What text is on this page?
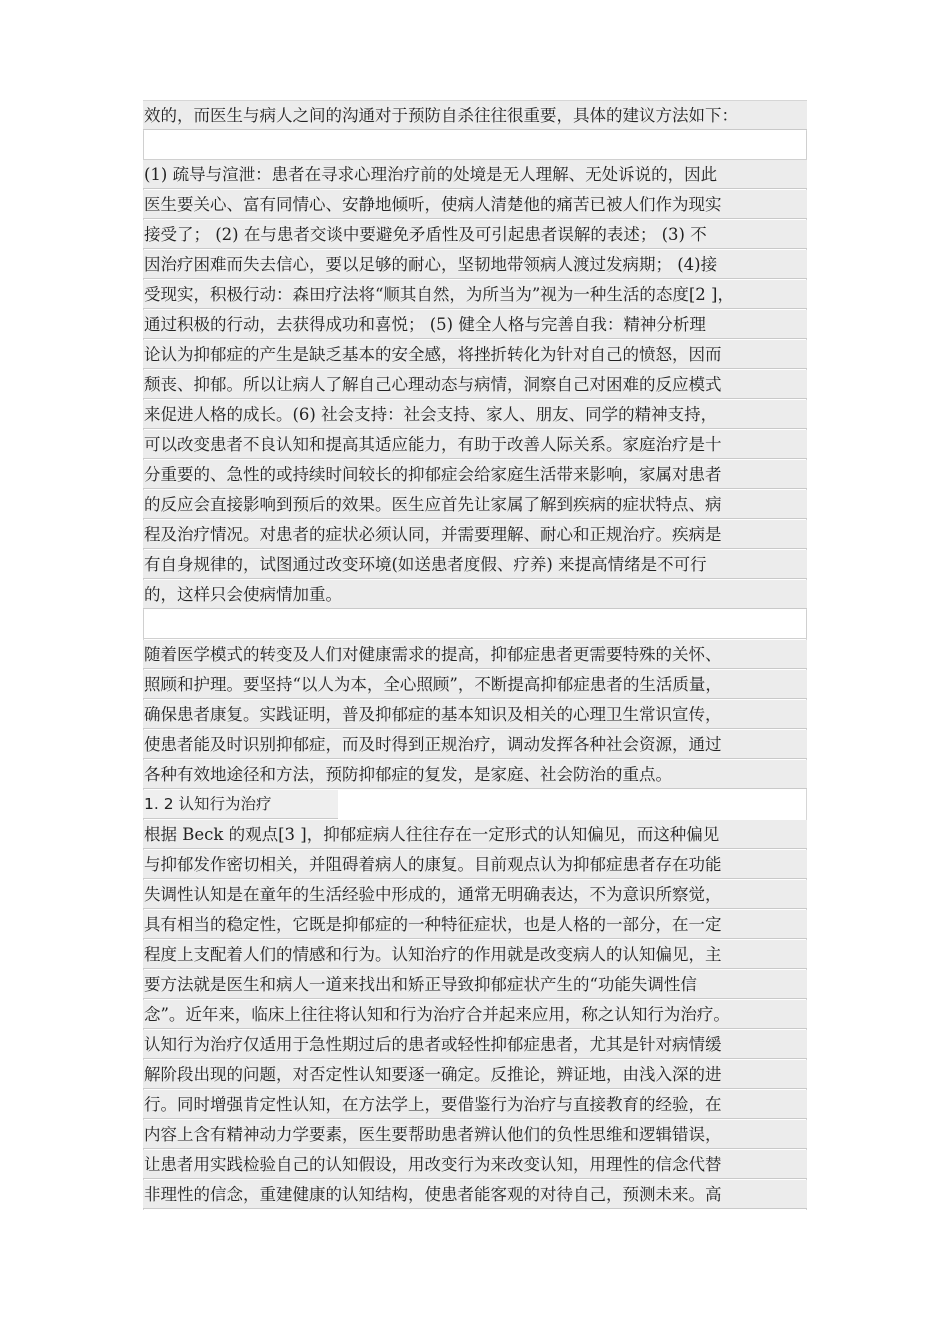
效的，而医生与病人之间的沟通对于预防自杀往往很重要，具体的建议方法如下：
(1) 疏导与渲泄：患者在寻求心理治疗前的处境是无人理解、无处诉说的，因此
医生要关心、富有同情心、安静地倾听，使病人清楚他的痛苦已被人们作为现实
接受了； (2) 在与患者交谈中要避免矛盾性及可引起患者误解的表述； (3) 不
因治疗困难而失去信心，要以足够的耐心，坚韧地带领病人渡过发病期； (4)接
受现实，积极行动：森田疗法将“顺其自然，为所当为”视为一种生活的态度[2 ]，
通过积极的行动，去获得成功和喜悦； (5) 健全人格与完善自我：精神分析理
论认为抑郁症的产生是缺乏基本的安全感，将挫折转化为针对自己的愤怒，因而
颓丧、抑郁。所以让病人了解自己心理动态与病情，洞察自己对困难的反应模式
来促进人格的成长。(6) 社会支持：社会支持、家人、朋友、同学的精神支持，
可以改变患者不良认知和提高其适应能力，有助于改善人际关系。家庭治疗是十
分重要的、急性的或持续时间较长的抑郁症会给家庭生活带来影响，家属对患者
的反应会直接影响到预后的效果。医生应首先让家属了解到疾病的症状特点、病
程及治疗情况。对患者的症状必须认同，并需要理解、耐心和正规治疗。疾病是
有自身规律的，试图通过改变环境(如送患者度假、疗养) 来提高情绪是不可行
的，这样只会使病情加重。
随着医学模式的转变及人们对健康需求的提高，抑郁症患者更需要特殊的关怀、
照顾和护理。要坚持“以人为本，全心照顾”，不断提高抑郁症患者的生活质量，
确保患者康复。实践证明，普及抑郁症的基本知识及相关的心理卫生常识宣传，
使患者能及时识别抑郁症，而及时得到正规治疗，调动发挥各种社会资源，通过
各种有效地途径和方法，预防抑郁症的复发，是家庭、社会防治的重点。
1. 2 认知行为治疗
根据 Beck 的观点[3 ]，抑郁症病人往往存在一定形式的认知偏见，而这种偏见
与抑郁发作密切相关，并阻碍着病人的康复。目前观点认为抑郁症患者存在功能
失调性认知是在童年的生活经验中形成的，通常无明确表达，不为意识所察觉，
具有相当的稳定性，它既是抑郁症的一种特征症状，也是人格的一部分，在一定
程度上支配着人们的情感和行为。认知治疗的作用就是改变病人的认知偏见，主
要方法就是医生和病人一道来找出和矫正导致抑郁症状产生的“功能失调性信
念”。近年来，临床上往往将认知和行为治疗合并起来应用，称之认知行为治疗。
认知行为治疗仅适用于急性期过后的患者或轻性抑郁症患者，尤其是针对病情缓
解阶段出现的问题，对否定性认知要逐一确定。反推论，辨证地，由浅入深的进
行。同时增强肯定性认知，在方法学上，要借鉴行为治疗与直接教育的经验，在
内容上含有精神动力学要素，医生要帮助患者辨认他们的负性思维和逻辑错误，
让患者用实践检验自己的认知假设，用改变行为来改变认知，用理性的信念代替
非理性的信念，重建健康的认知结构，使患者能客观的对待自己，预测未来。高
